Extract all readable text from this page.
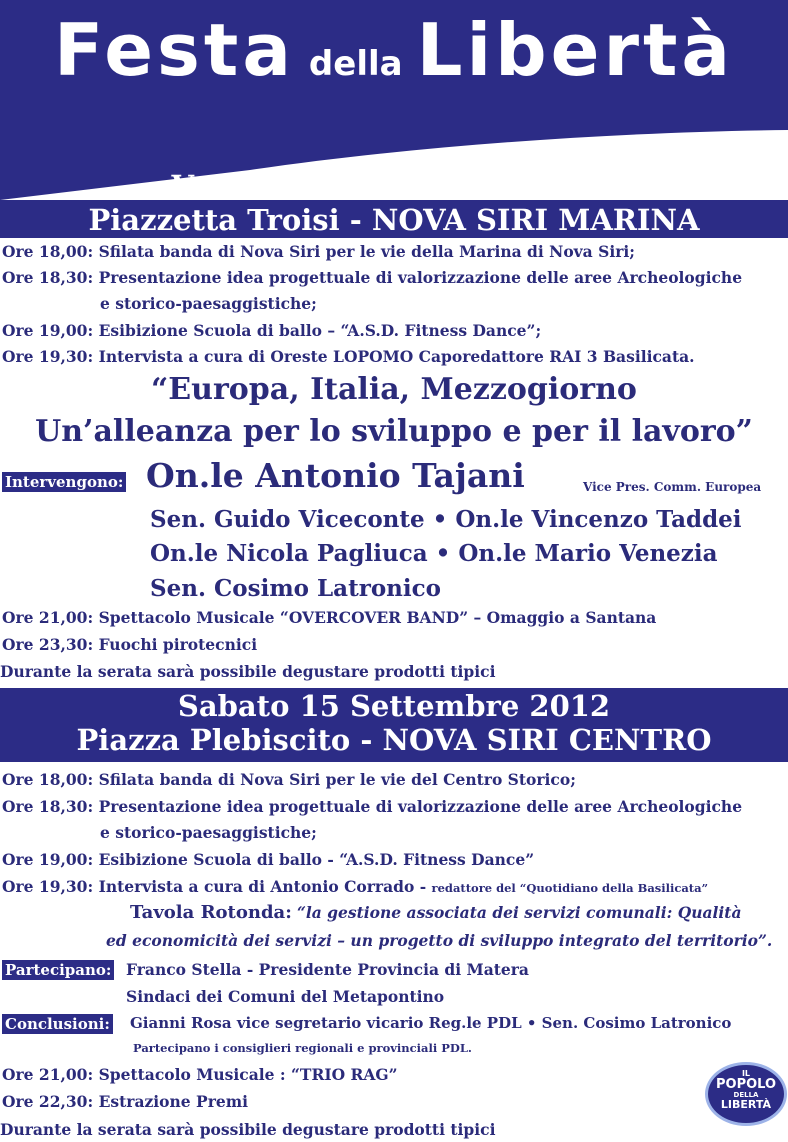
Festa della Libertà
Venerdì 14 Settembre 2012
Piazzetta Troisi - NOVA SIRI MARINA
Ore 18,00: Sfilata banda di Nova Siri per le vie della Marina di Nova Siri;
Ore 18,30: Presentazione idea progettuale di valorizzazione delle aree Archeologiche
e storico-paesaggistiche;
Ore 19,00: Esibizione Scuola di ballo – “A.S.D. Fitness Dance”;
Ore 19,30: Intervista a cura di Oreste LOPOMO Caporedattore RAI 3 Basilicata.
“Europa, Italia, Mezzogiorno
Un’alleanza per lo sviluppo e per il lavoro”
Intervengono: On.le Antonio Tajani	Vice Pres. Comm. Europea
Sen. Guido Viceconte • On.le Vincenzo Taddei
On.le Nicola Pagliuca • On.le Mario Venezia
Sen. Cosimo Latronico
Ore 21,00: Spettacolo Musicale “OVERCOVER BAND” – Omaggio a Santana
Ore 23,30: Fuochi pirotecnici
Durante la serata sarà possibile degustare prodotti tipici
Sabato 15 Settembre 2012
Piazza Plebiscito - NOVA SIRI CENTRO
Ore 18,00: Sfilata banda di Nova Siri per le vie del Centro Storico;
Ore 18,30: Presentazione idea progettuale di valorizzazione delle aree Archeologiche
e storico-paesaggistiche;
Ore 19,00: Esibizione Scuola di ballo - “A.S.D. Fitness Dance”
Ore 19,30: Intervista a cura di Antonio Corrado - redattore del “Quotidiano della Basilicata”
Tavola Rotonda: “la gestione associata dei servizi comunali: Qualità
ed economicità dei servizi – un progetto di sviluppo integrato del territorio”.
Partecipano: Franco Stella - Presidente Provincia di Matera
Sindaci dei Comuni del Metapontino
Conclusioni: Gianni Rosa vice segretario vicario Reg.le PDL • Sen. Cosimo Latronico
Partecipano i consiglieri regionali e provinciali PDL.
Ore 21,00: Spettacolo Musicale : “TRIO RAG”
Ore 22,30: Estrazione Premi
Durante la serata sarà possibile degustare prodotti tipici
IL
POPOLO
DELLA
LIBERTÀ
